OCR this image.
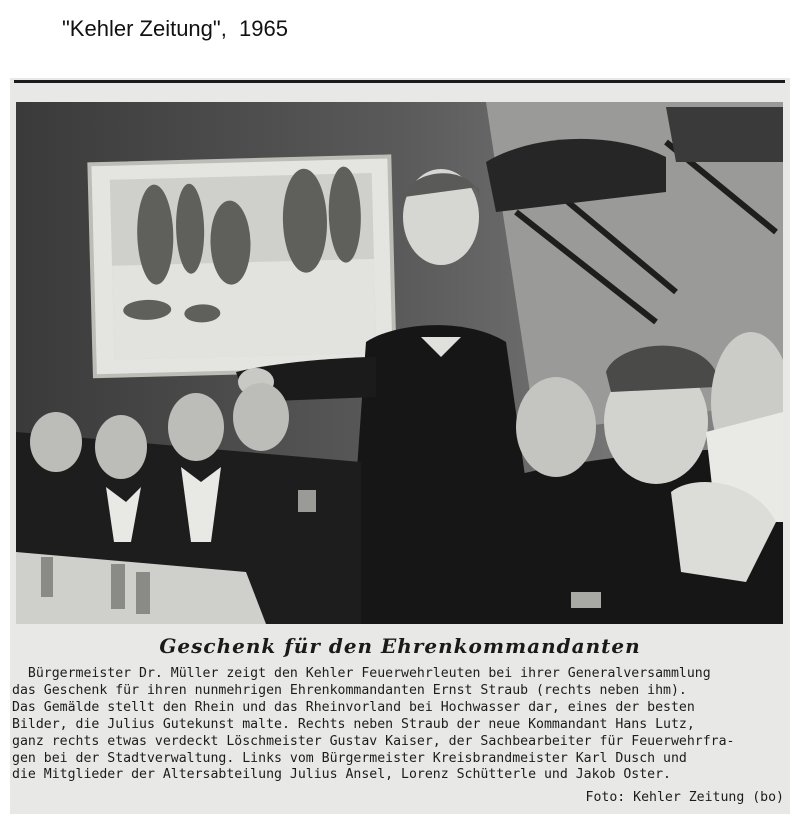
"Kehler Zeitung",  1965
Geschenk für den Ehrenkommandanten
Bürgermeister Dr. Müller zeigt den Kehler Feuerwehrleuten bei ihrer Generalversammlung
das Geschenk für ihren nunmehrigen Ehrenkommandanten Ernst Straub (rechts neben ihm).
Das Gemälde stellt den Rhein und das Rheinvorland bei Hochwasser dar, eines der besten
Bilder, die Julius Gutekunst malte. Rechts neben Straub der neue Kommandant Hans Lutz,
ganz rechts etwas verdeckt Löschmeister Gustav Kaiser, der Sachbearbeiter für Feuerwehrfra-
gen bei der Stadtverwaltung. Links vom Bürgermeister Kreisbrandmeister Karl Dusch und
die Mitglieder der Altersabteilung Julius Ansel, Lorenz Schütterle und Jakob Oster.
Foto: Kehler Zeitung (bo)
